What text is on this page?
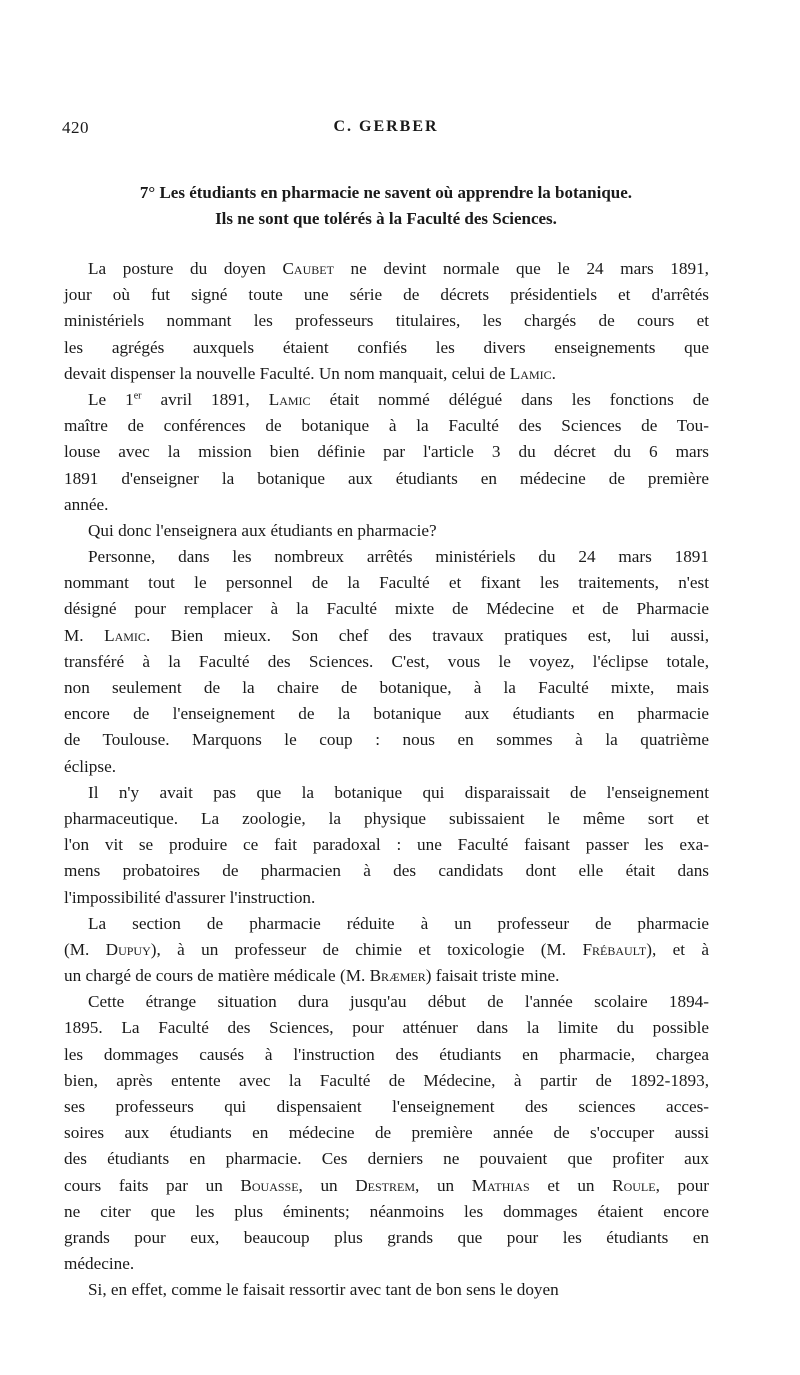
420	C. GERBER
7° Les étudiants en pharmacie ne savent où apprendre la botanique.
Ils ne sont que tolérés à la Faculté des Sciences.
La posture du doyen Caubet ne devint normale que le 24 mars 1891,
jour où fut signé toute une série de décrets présidentiels et d'arrêtés
ministériels nommant les professeurs titulaires, les chargés de cours et
les agrégés auxquels étaient confiés les divers enseignements que
devait dispenser la nouvelle Faculté. Un nom manquait, celui de Lamic.
Le 1er avril 1891, Lamic était nommé délégué dans les fonctions de
maître de conférences de botanique à la Faculté des Sciences de Tou-
louse avec la mission bien définie par l'article 3 du décret du 6 mars
1891 d'enseigner la botanique aux étudiants en médecine de première
année.
Qui donc l'enseignera aux étudiants en pharmacie?
Personne, dans les nombreux arrêtés ministériels du 24 mars 1891
nommant tout le personnel de la Faculté et fixant les traitements, n'est
désigné pour remplacer à la Faculté mixte de Médecine et de Pharmacie
M. Lamic. Bien mieux. Son chef des travaux pratiques est, lui aussi,
transféré à la Faculté des Sciences. C'est, vous le voyez, l'éclipse totale,
non seulement de la chaire de botanique, à la Faculté mixte, mais
encore de l'enseignement de la botanique aux étudiants en pharmacie
de Toulouse. Marquons le coup : nous en sommes à la quatrième
éclipse.
Il n'y avait pas que la botanique qui disparaissait de l'enseignement
pharmaceutique. La zoologie, la physique subissaient le même sort et
l'on vit se produire ce fait paradoxal : une Faculté faisant passer les exa-
mens probatoires de pharmacien à des candidats dont elle était dans
l'impossibilité d'assurer l'instruction.
La section de pharmacie réduite à un professeur de pharmacie
(M. Dupuy), à un professeur de chimie et toxicologie (M. Frébault), et à
un chargé de cours de matière médicale (M. Bræmer) faisait triste mine.
Cette étrange situation dura jusqu'au début de l'année scolaire 1894-
1895. La Faculté des Sciences, pour atténuer dans la limite du possible
les dommages causés à l'instruction des étudiants en pharmacie, chargea
bien, après entente avec la Faculté de Médecine, à partir de 1892-1893,
ses professeurs qui dispensaient l'enseignement des sciences acces-
soires aux étudiants en médecine de première année de s'occuper aussi
des étudiants en pharmacie. Ces derniers ne pouvaient que profiter aux
cours faits par un Bouasse, un Destrem, un Mathias et un Roule, pour
ne citer que les plus éminents; néanmoins les dommages étaient encore
grands pour eux, beaucoup plus grands que pour les étudiants en
médecine.
Si, en effet, comme le faisait ressortir avec tant de bon sens le doyen
